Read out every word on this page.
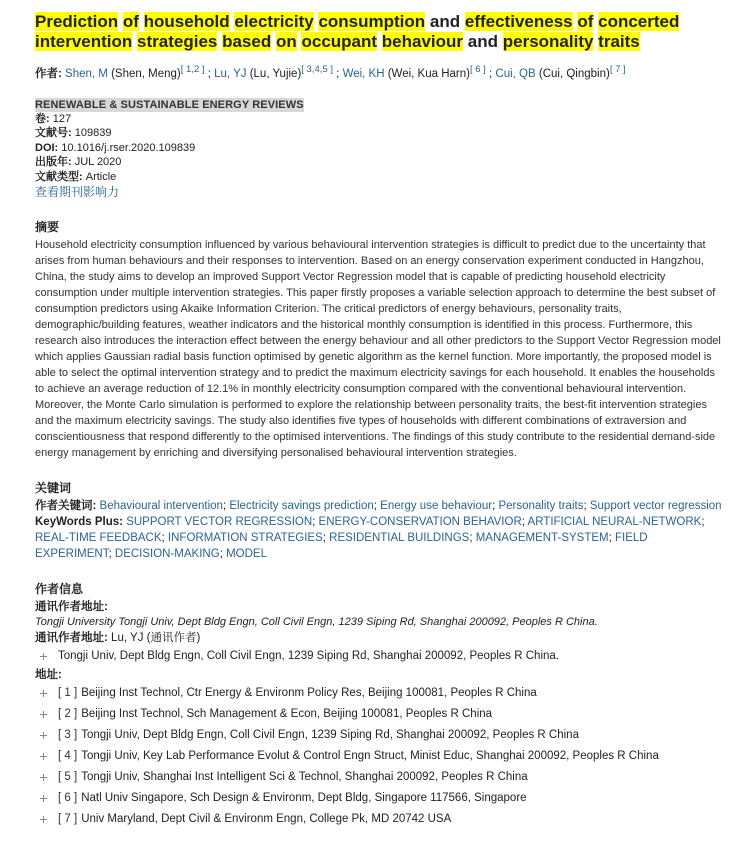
Prediction of household electricity consumption and effectiveness of concerted intervention strategies based on occupant behaviour and personality traits
作者: Shen, M (Shen, Meng)[ 1,2 ] ; Lu, YJ (Lu, Yujie)[ 3,4,5 ] ; Wei, KH (Wei, Kua Harn)[ 6 ] ; Cui, QB (Cui, Qingbin)[ 7 ]
RENEWABLE & SUSTAINABLE ENERGY REVIEWS
卷: 127
文献号: 109839
DOI: 10.1016/j.rser.2020.109839
出版年: JUL 2020
文献类型: Article
查看期刊影响力
摘要

Household electricity consumption influenced by various behavioural intervention strategies is difficult to predict due to the uncertainty that arises from human behaviours and their responses to intervention. Based on an energy conservation experiment conducted in Hangzhou, China, the study aims to develop an improved Support Vector Regression model that is capable of predicting household electricity consumption under multiple intervention strategies. This paper firstly proposes a variable selection approach to determine the best subset of consumption predictors using Akaike Information Criterion. The critical predictors of energy behaviours, personality traits, demographic/building features, weather indicators and the historical monthly consumption is identified in this process. Furthermore, this research also introduces the interaction effect between the energy behaviour and all other predictors to the Support Vector Regression model which applies Gaussian radial basis function optimised by genetic algorithm as the kernel function. More importantly, the proposed model is able to select the optimal intervention strategy and to predict the maximum electricity savings for each household. It enables the households to achieve an average reduction of 12.1% in monthly electricity consumption compared with the conventional behavioural intervention. Moreover, the Monte Carlo simulation is performed to explore the relationship between personality traits, the best-fit intervention strategies and the maximum electricity savings. The study also identifies five types of households with different combinations of extraversion and conscientiousness that respond differently to the optimised interventions. The findings of this study contribute to the residential demand-side energy management by enriching and diversifying personalised behavioural intervention strategies.

关键词
作者关键词: Behavioural intervention; Electricity savings prediction; Energy use behaviour; Personality traits; Support vector regression
KeyWords Plus: SUPPORT VECTOR REGRESSION; ENERGY-CONSERVATION BEHAVIOR; ARTIFICIAL NEURAL-NETWORK; REAL-TIME FEEDBACK; INFORMATION STRATEGIES; RESIDENTIAL BUILDINGS; MANAGEMENT-SYSTEM; FIELD EXPERIMENT; DECISION-MAKING; MODEL
作者信息
通讯作者地址:
Tongji University Tongji Univ, Dept Bldg Engn, Coll Civil Engn, 1239 Siping Rd, Shanghai 200092, Peoples R China.
通讯作者地址: Lu, YJ (通讯作者)
Tongji Univ, Dept Bldg Engn, Coll Civil Engn, 1239 Siping Rd, Shanghai 200092, Peoples R China.
地址:
[ 1 ] Beijing Inst Technol, Ctr Energy & Environm Policy Res, Beijing 100081, Peoples R China
[ 2 ] Beijing Inst Technol, Sch Management & Econ, Beijing 100081, Peoples R China
[ 3 ] Tongji Univ, Dept Bldg Engn, Coll Civil Engn, 1239 Siping Rd, Shanghai 200092, Peoples R China
[ 4 ] Tongji Univ, Key Lab Performance Evolut & Control Engn Struct, Minist Educ, Shanghai 200092, Peoples R China
[ 5 ] Tongji Univ, Shanghai Inst Intelligent Sci & Technol, Shanghai 200092, Peoples R China
[ 6 ] Natl Univ Singapore, Sch Design & Environm, Dept Bldg, Singapore 117566, Singapore
[ 7 ] Univ Maryland, Dept Civil & Environm Engn, College Pk, MD 20742 USA
